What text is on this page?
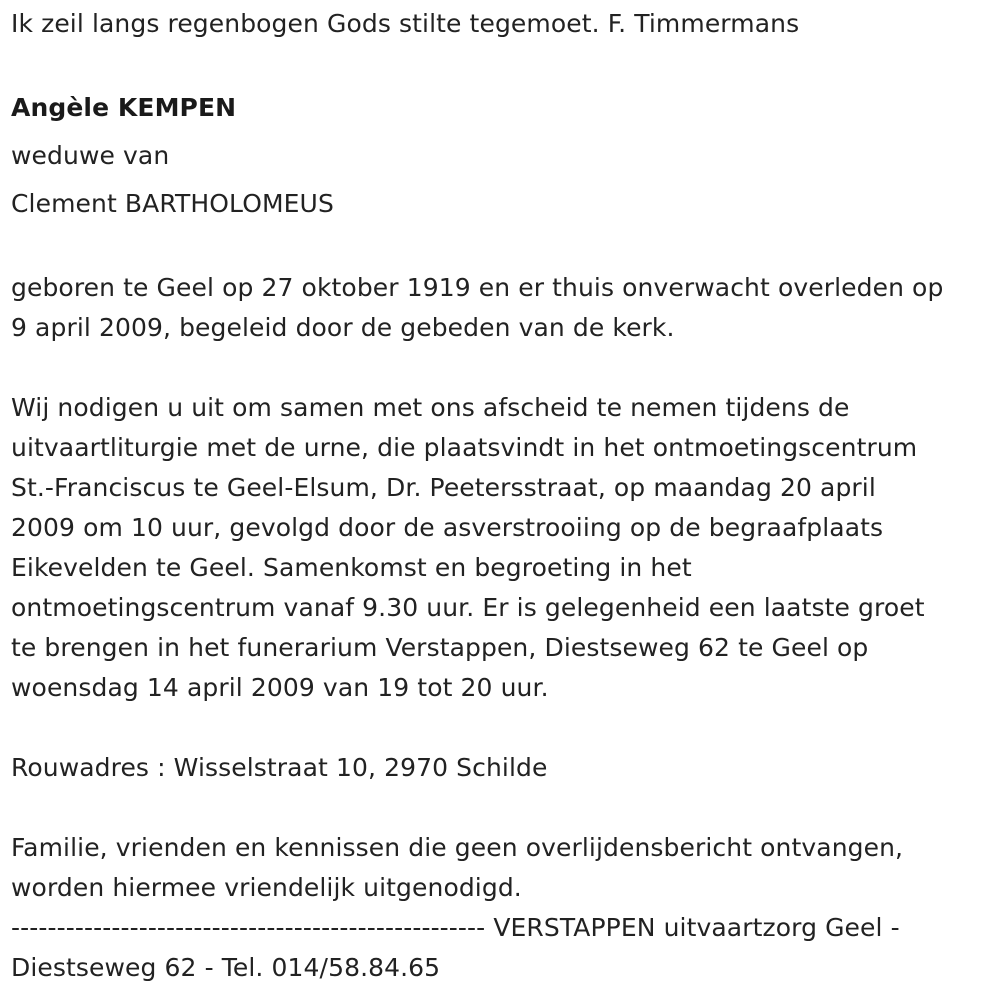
Ik zeil langs regenbogen Gods stilte tegemoet. F. Timmermans
Angèle KEMPEN
weduwe van
Clement BARTHOLOMEUS
geboren te Geel op 27 oktober 1919 en er thuis onverwacht overleden op
9 april 2009, begeleid door de gebeden van de kerk.
Wij nodigen u uit om samen met ons afscheid te nemen tijdens de
uitvaartliturgie met de urne, die plaatsvindt in het ontmoetingscentrum
St.-Franciscus te Geel-Elsum, Dr. Peetersstraat, op maandag 20 april
2009 om 10 uur, gevolgd door de asverstrooiing op de begraafplaats
Eikevelden te Geel. Samenkomst en begroeting in het
ontmoetingscentrum vanaf 9.30 uur. Er is gelegenheid een laatste groet
te brengen in het funerarium Verstappen, Diestseweg 62 te Geel op
woensdag 14 april 2009 van 19 tot 20 uur.
Rouwadres : Wisselstraat 10, 2970 Schilde
Familie, vrienden en kennissen die geen overlijdensbericht ontvangen,
worden hiermee vriendelijk uitgenodigd.
---------------------------------------------------- VERSTAPPEN uitvaartzorg Geel -
Diestseweg 62 - Tel. 014/58.84.65
